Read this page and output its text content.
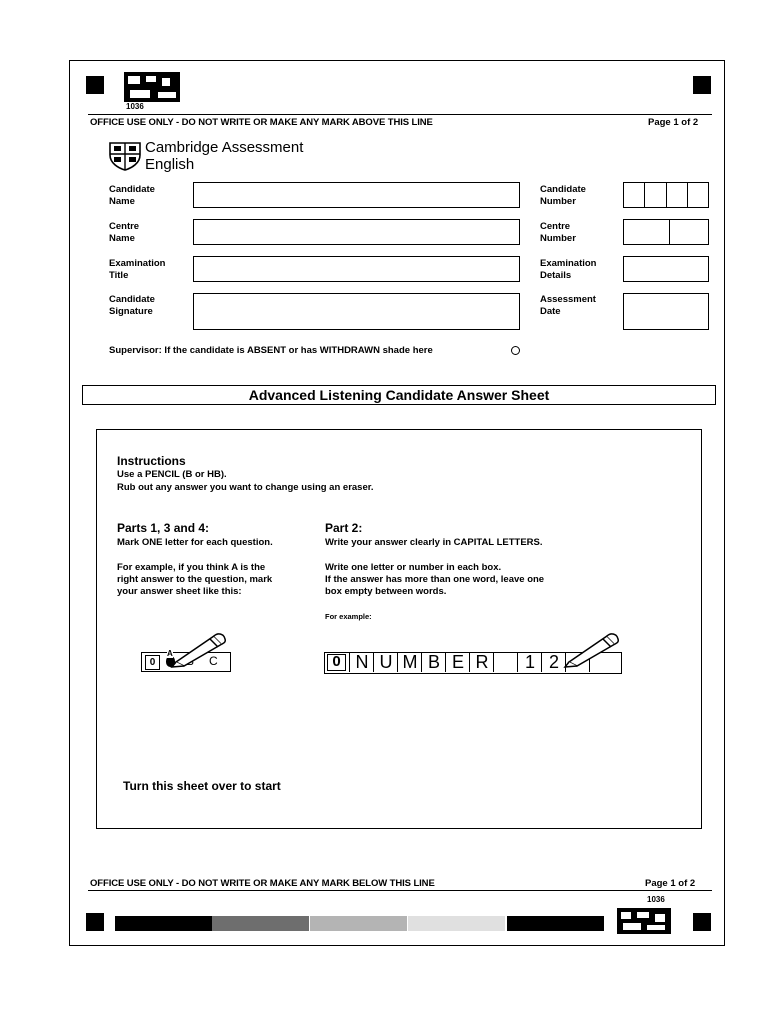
1036
OFFICE USE ONLY - DO NOT WRITE OR MAKE ANY MARK ABOVE THIS LINE	Page 1 of 2
Cambridge Assessment
English
Candidate
Name
Centre
Name
Examination
Title
Candidate
Signature
Candidate
Number
Centre
Number
Examination
Details
Assessment
Date
Supervisor: If the candidate is ABSENT or has WITHDRAWN shade here
Advanced Listening Candidate Answer Sheet
Instructions
Use a PENCIL (B or HB).
Rub out any answer you want to change using an eraser.
Parts 1, 3 and 4:
Mark ONE letter for each question.
For example, if you think A is the
right answer to the question, mark
your answer sheet like this:
Part 2:
Write your answer clearly in CAPITAL LETTERS.
Write one letter or number in each box.
If the answer has more than one word, leave one
box empty between words.
For example:
0
A
C	0 N U M B E R	1 2
Turn this sheet over to start
OFFICE USE ONLY - DO NOT WRITE OR MAKE ANY MARK BELOW THIS LINE	Page 1 of 2
1036
